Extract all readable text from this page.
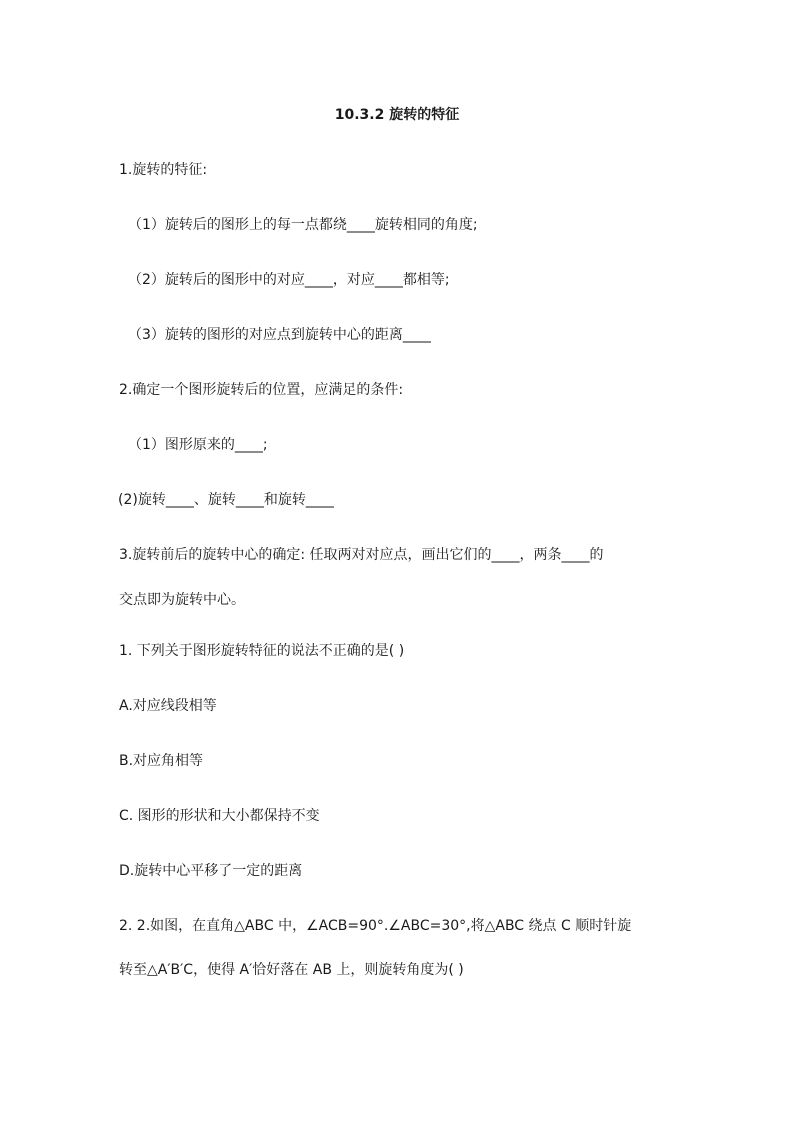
10.3.2 旋转的特征
1.旋转的特征:
（1）旋转后的图形上的每一点都绕____旋转相同的角度;
（2）旋转后的图形中的对应____，对应____都相等;
（3）旋转的图形的对应点到旋转中心的距离____
2.确定一个图形旋转后的位置，应满足的条件:
（1）图形原来的____;
(2)旋转____、旋转____和旋转____
3.旋转前后的旋转中心的确定: 任取两对对应点，画出它们的____，两条____的
交点即为旋转中心。
1. 下列关于图形旋转特征的说法不正确的是( )
A.对应线段相等
B.对应角相等
C. 图形的形状和大小都保持不变
D.旋转中心平移了一定的距离
2. 2.如图，在直角△ABC 中，∠ACB=90°.∠ABC=30°,将△ABC 绕点 C 顺时针旋
转至△A′B′C，使得 A′恰好落在 AB 上，则旋转角度为( )
